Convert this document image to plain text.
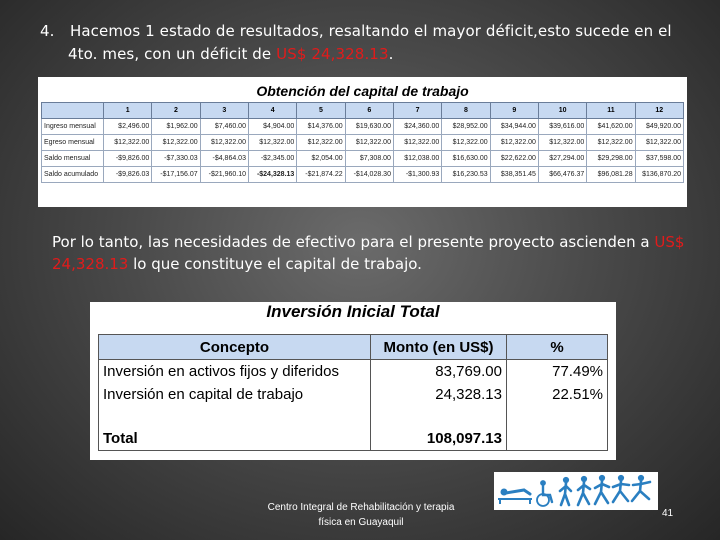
4. Hacemos 1 estado de resultados, resaltando el mayor déficit,esto sucede en el
4to. mes, con un déficit de US$ 24,328.13.
Obtención del capital de trabajo
	1	2	3	4	5	6	7	8	9	10	11	12
Ingreso mensual	$2,496.00	$1,962.00	$7,460.00	$4,904.00	$14,376.00	$19,630.00	$24,360.00	$28,952.00	$34,944.00	$39,616.00	$41,620.00	$49,920.00
Egreso mensual	$12,322.00	$12,322.00	$12,322.00	$12,322.00	$12,322.00	$12,322.00	$12,322.00	$12,322.00	$12,322.00	$12,322.00	$12,322.00	$12,322.00
Saldo mensual	-$9,826.00	-$7,330.03	-$4,864.03	-$2,345.00	$2,054.00	$7,308.00	$12,038.00	$16,630.00	$22,622.00	$27,294.00	$29,298.00	$37,598.00
Saldo acumulado	-$9,826.03	-$17,156.07	-$21,960.10	-$24,328.13	-$21,874.22	-$14,028.30	-$1,300.93	$16,230.53	$38,351.45	$66,476.37	$96,081.28	$136,870.20
Por lo tanto, las necesidades de efectivo para el presente proyecto ascienden a US$ 24,328.13 lo que constituye el capital de trabajo.
Inversión Inicial Total
Concepto	Monto (en US$)	%
Inversión en activos fijos y diferidos	83,769.00	77.49%
Inversión en capital de trabajo	24,328.13	22.51%

Total	108,097.13	
Centro Integral de Rehabilitación y terapia
física en Guayaquil
41
